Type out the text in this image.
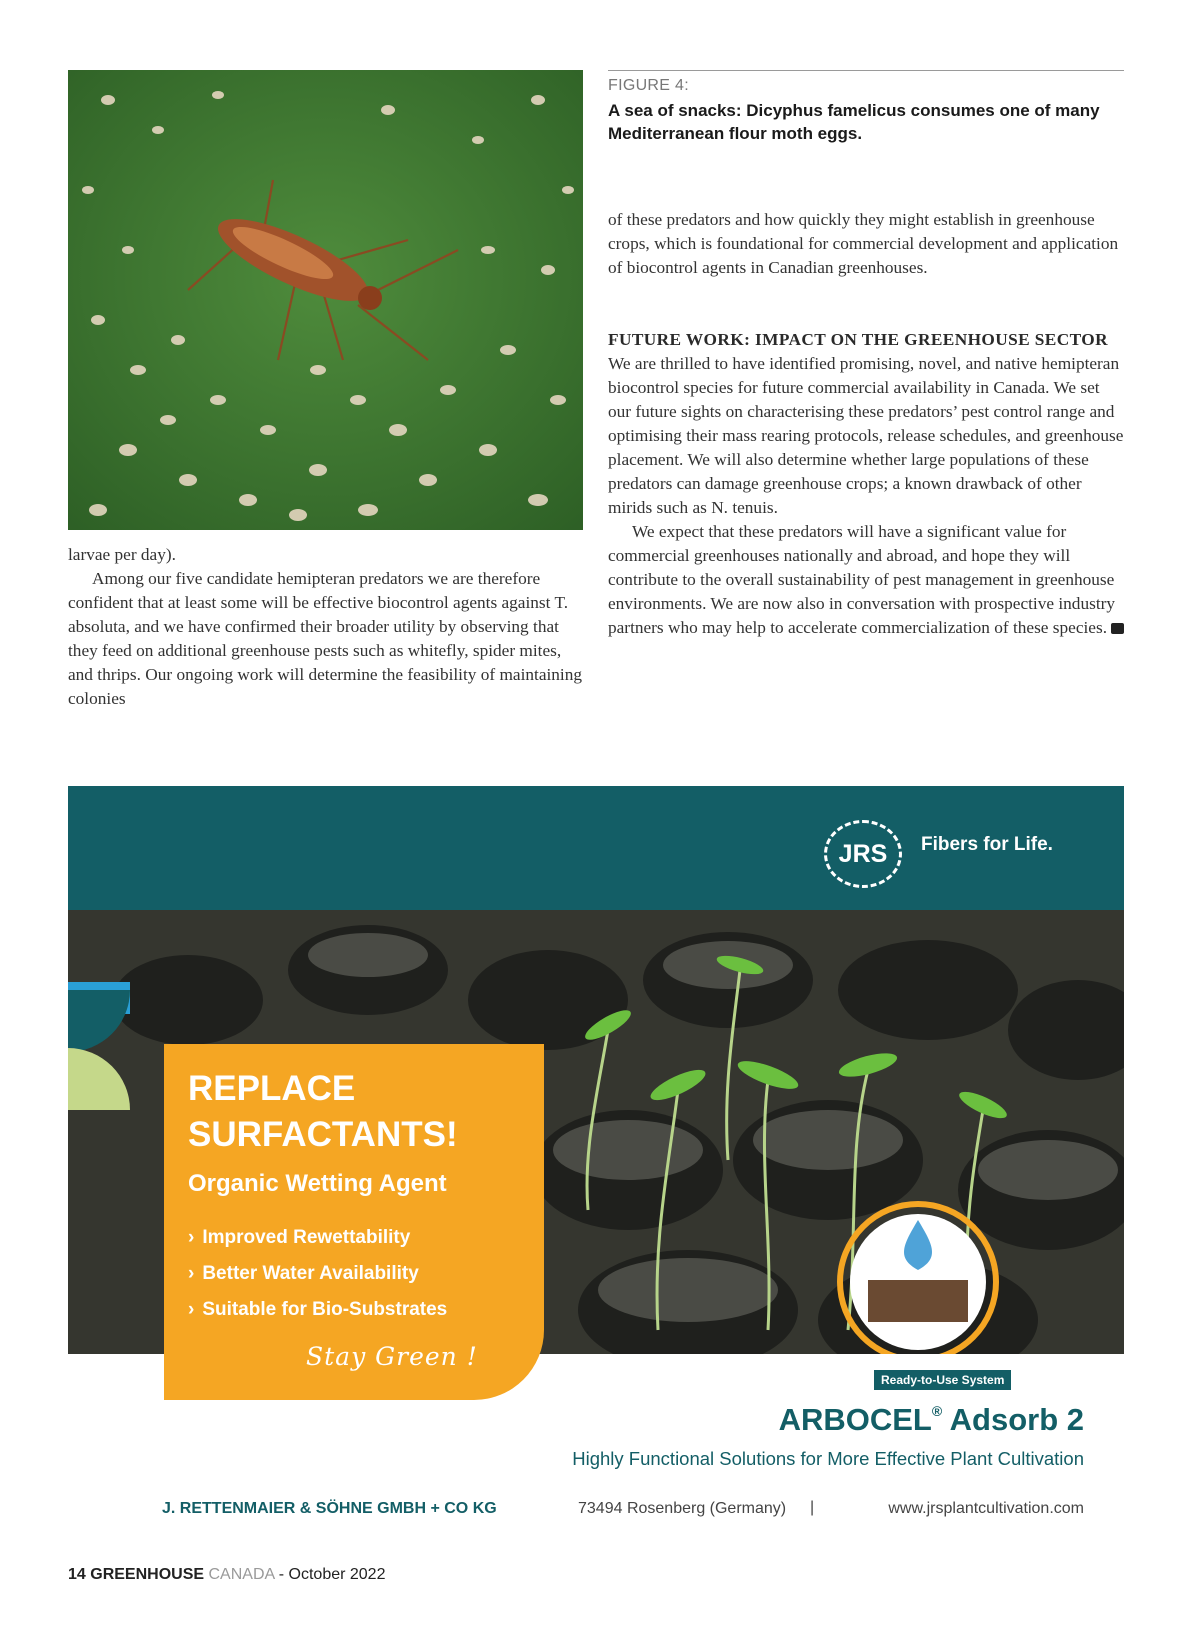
FIGURE 4:
A sea of snacks: Dicyphus famelicus consumes one of many Mediterranean flour moth eggs.

larvae per day).

Among our five candidate hemipteran predators we are therefore confident that at least some will be effective biocontrol agents against T. absoluta, and we have confirmed their broader utility by observing that they feed on additional greenhouse pests such as whitefly, spider mites, and thrips. Our ongoing work will determine the feasibility of maintaining colonies

of these predators and how quickly they might establish in greenhouse crops, which is foundational for commercial development and application of biocontrol agents in Canadian greenhouses.

FUTURE WORK: IMPACT ON THE GREENHOUSE SECTOR

We are thrilled to have identified promising, novel, and native hemipteran biocontrol species for future commercial availability in Canada. We set our future sights on characterising these predators’ pest control range and optimising their mass rearing protocols, release schedules, and greenhouse placement. We will also determine whether large populations of these predators can damage greenhouse crops; a known drawback of other mirids such as N. tenuis.

We expect that these predators will have a significant value for commercial greenhouses nationally and abroad, and hope they will contribute to the overall sustainability of pest management in greenhouse environments. We are now also in conversation with prospective industry partners who may help to accelerate commercialization of these species.

JRS	Fibers for Life.
REPLACE
SURFACTANTS!
Organic Wetting Agent
› Improved Rewettability
› Better Water Availability
› Suitable for Bio-Substrates
Stay Green !
Ready-to-Use System
ARBOCEL® Adsorb 2
Highly Functional Solutions for More Effective Plant Cultivation
J. RETTENMAIER & SÖHNE GMBH + CO KG	73494 Rosenberg (Germany) |	www.jrsplantcultivation.com
14 GREENHOUSE CANADA - October 2022
